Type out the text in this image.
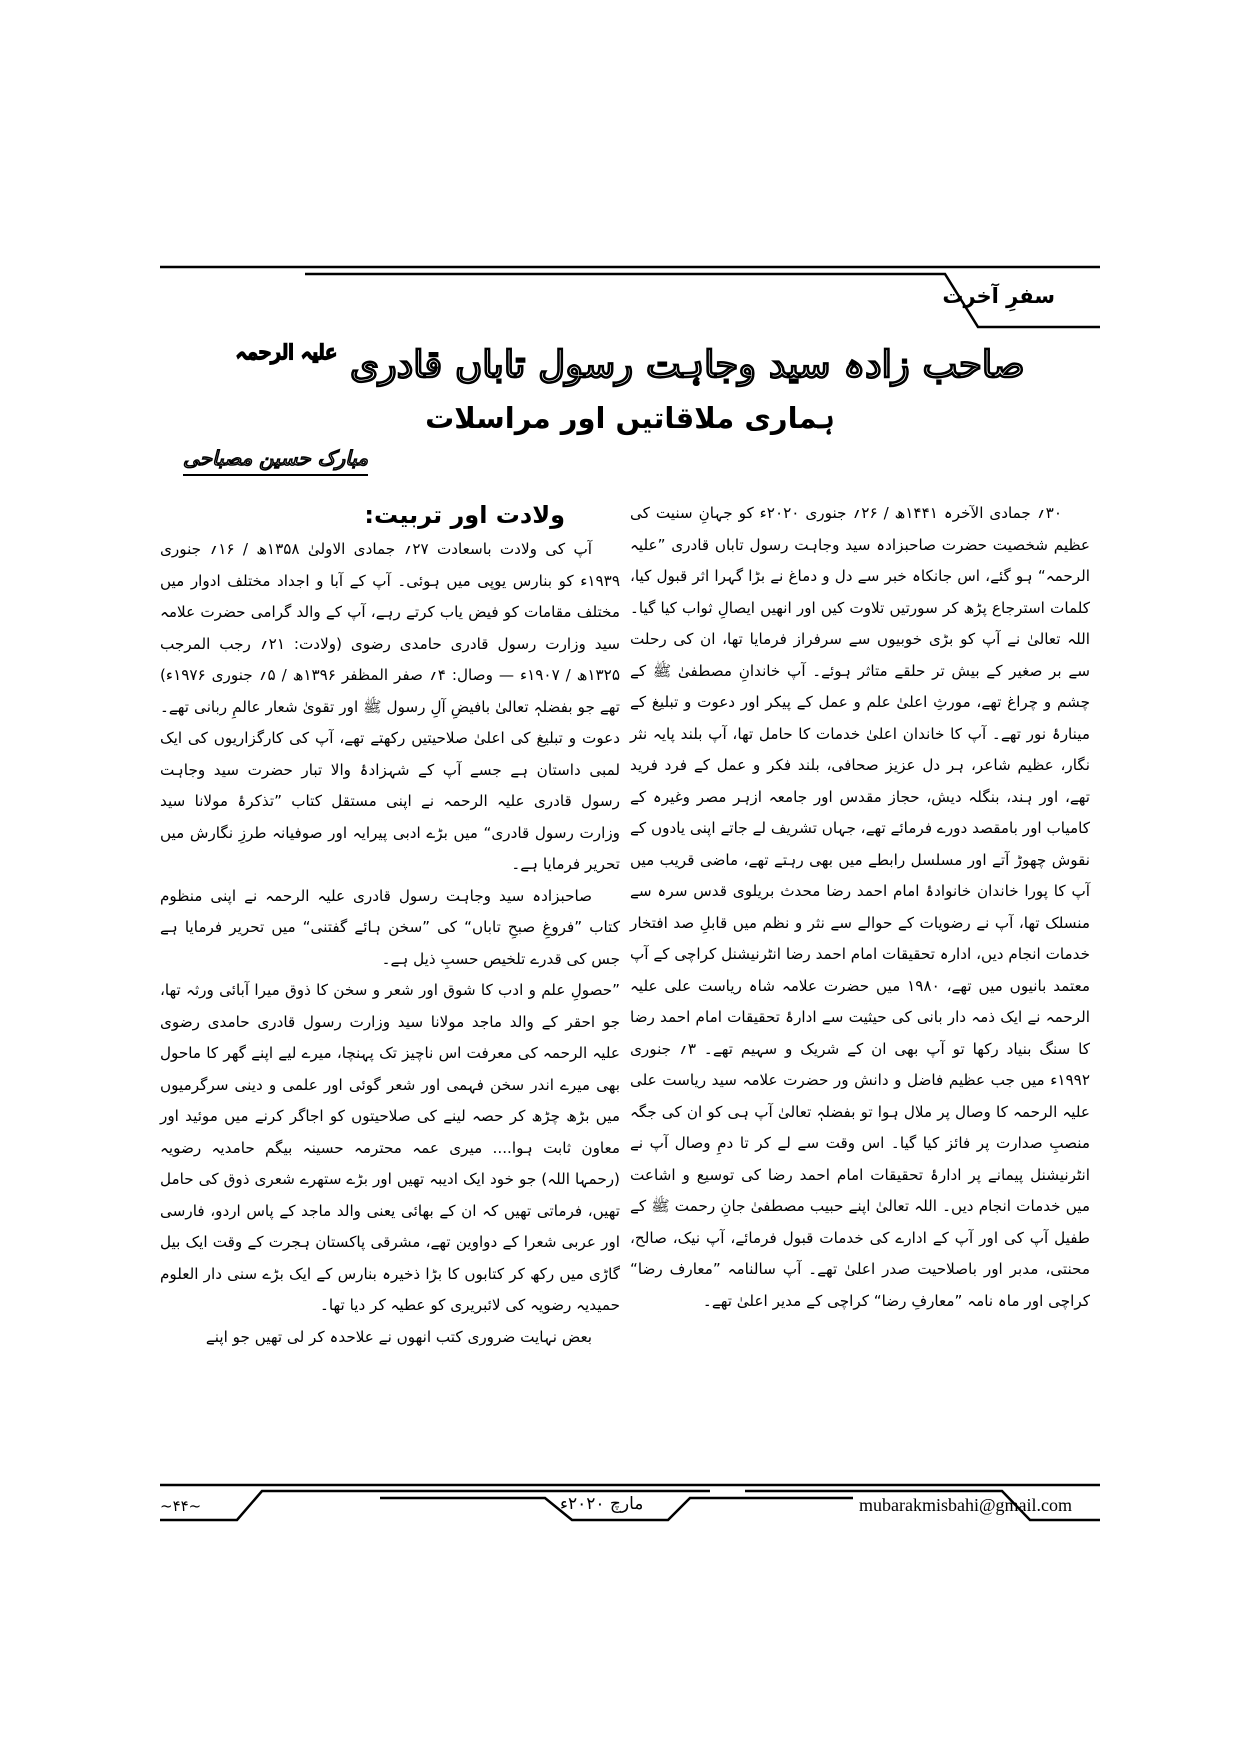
سفرِ آخرت
صاحب زادہ سید وجاہت رسول تاباں قادری $^{علیہ الرحمہ}$
ہماری ملاقاتیں اور مراسلات
مبارک حسین مصباحی

۳۰؍ جمادی الآخرہ ۱۴۴۱ھ / ۲۶؍ جنوری ۲۰۲۰ء کو جہانِ سنیت کی عظیم شخصیت حضرت صاحبزادہ سید وجاہت رسول تاباں قادری ”علیہ الرحمہ“ ہو گئے، اس جانکاہ خبر سے دل و دماغ نے بڑا گہرا اثر قبول کیا، کلمات استرجاع پڑھ کر سورتیں تلاوت کیں اور انھیں ایصالِ ثواب کیا گیا۔ اللہ تعالیٰ نے آپ کو بڑی خوبیوں سے سرفراز فرمایا تھا، ان کی رحلت سے بر صغیر کے بیش تر حلقے متاثر ہوئے۔ آپ خاندانِ مصطفیٰ ﷺ کے چشم و چراغ تھے، مورثِ اعلیٰ علم و عمل کے پیکر اور دعوت و تبلیغ کے مینارۂ نور تھے۔ آپ کا خاندان اعلیٰ خدمات کا حامل تھا، آپ بلند پایہ نثر نگار، عظیم شاعر، ہر دل عزیز صحافی، بلند فکر و عمل کے فرد فرید تھے، اور ہند، بنگلہ دیش، حجاز مقدس اور جامعہ ازہر مصر وغیرہ کے کامیاب اور بامقصد دورے فرمائے تھے، جہاں تشریف لے جاتے اپنی یادوں کے نقوش چھوڑ آتے اور مسلسل رابطے میں بھی رہتے تھے، ماضی قریب میں آپ کا پورا خاندان خانوادۂ امام احمد رضا محدث بریلوی قدس سرہ سے منسلک تھا، آپ نے رضویات کے حوالے سے نثر و نظم میں قابلِ صد افتخار خدمات انجام دیں، ادارہ تحقیقات امام احمد رضا انٹرنیشنل کراچی کے آپ معتمد بانیوں میں تھے، ۱۹۸۰ میں حضرت علامہ شاہ ریاست علی علیہ الرحمہ نے ایک ذمہ دار بانی کی حیثیت سے ادارۂ تحقیقات امام احمد رضا کا سنگ بنیاد رکھا تو آپ بھی ان کے شریک و سہیم تھے۔ ۳؍ جنوری ۱۹۹۲ء میں جب عظیم فاضل و دانش ور حضرت علامہ سید ریاست علی علیہ الرحمہ کا وصال پر ملال ہوا تو بفضلہٖ تعالیٰ آپ ہی کو ان کی جگہ منصبِ صدارت پر فائز کیا گیا۔ اس وقت سے لے کر تا دمِ وصال آپ نے انٹرنیشنل پیمانے پر ادارۂ تحقیقات امام احمد رضا کی توسیع و اشاعت میں خدمات انجام دیں۔ اللہ تعالیٰ اپنے حبیب مصطفیٰ جانِ رحمت ﷺ کے طفیل آپ کی اور آپ کے ادارے کی خدمات قبول فرمائے، آپ نیک، صالح، محنتی، مدبر اور باصلاحیت صدر اعلیٰ تھے۔ آپ سالنامہ ”معارف رضا“ کراچی اور ماہ نامہ ”معارفِ رضا“ کراچی کے مدیر اعلیٰ تھے۔

ولادت اور تربیت:

آپ کی ولادت باسعادت ۲۷؍ جمادی الاولیٰ ۱۳۵۸ھ / ۱۶؍ جنوری ۱۹۳۹ء کو بنارس یوپی میں ہوئی۔ آپ کے آبا و اجداد مختلف ادوار میں مختلف مقامات کو فیض یاب کرتے رہے، آپ کے والد گرامی حضرت علامہ سید وزارت رسول قادری حامدی رضوی (ولادت: ۲۱؍ رجب المرجب ۱۳۲۵ھ / ۱۹۰۷ء — وصال: ۴؍ صفر المظفر ۱۳۹۶ھ / ۵؍ جنوری ۱۹۷۶ء) تھے جو بفضلہٖ تعالیٰ بافیضِ آلِ رسول ﷺ اور تقویٰ شعار عالمِ ربانی تھے۔ دعوت و تبلیغ کی اعلیٰ صلاحیتیں رکھتے تھے، آپ کی کارگزاریوں کی ایک لمبی داستان ہے جسے آپ کے شہزادۂ والا تبار حضرت سید وجاہت رسول قادری علیہ الرحمہ نے اپنی مستقل کتاب ”تذکرۂ مولانا سید وزارت رسول قادری“ میں بڑے ادبی پیرایہ اور صوفیانہ طرزِ نگارش میں تحریر فرمایا ہے۔

صاحبزادہ سید وجاہت رسول قادری علیہ الرحمہ نے اپنی منظوم کتاب ”فروغِ صبحِ تاباں“ کی ”سخن ہائے گفتنی“ میں تحریر فرمایا ہے جس کی قدرے تلخیص حسبِ ذیل ہے۔

”حصولِ علم و ادب کا شوق اور شعر و سخن کا ذوق میرا آبائی ورثہ تھا، جو احقر کے والد ماجد مولانا سید وزارت رسول قادری حامدی رضوی علیہ الرحمہ کی معرفت اس ناچیز تک پہنچا، میرے لیے اپنے گھر کا ماحول بھی میرے اندر سخن فہمی اور شعر گوئی اور علمی و دینی سرگرمیوں میں بڑھ چڑھ کر حصہ لینے کی صلاحیتوں کو اجاگر کرنے میں موئید اور معاون ثابت ہوا.... میری عمہ محترمہ حسینہ بیگم حامدیہ رضویہ (رحمہا اللہ) جو خود ایک ادیبہ تھیں اور بڑے ستھرے شعری ذوق کی حامل تھیں، فرماتی تھیں کہ ان کے بھائی یعنی والد ماجد کے پاس اردو، فارسی اور عربی شعرا کے دواوین تھے، مشرقی پاکستان ہجرت کے وقت ایک بیل گاڑی میں رکھ کر کتابوں کا بڑا ذخیرہ بنارس کے ایک بڑے سنی دار العلوم حمیدیہ رضویہ کی لائبریری کو عطیہ کر دیا تھا۔

بعض نہایت ضروری کتب انھوں نے علاحدہ کر لی تھیں جو اپنے

~۴۴~	مارچ ۲۰۲۰ء	mubarakmisbahi@gmail.com
